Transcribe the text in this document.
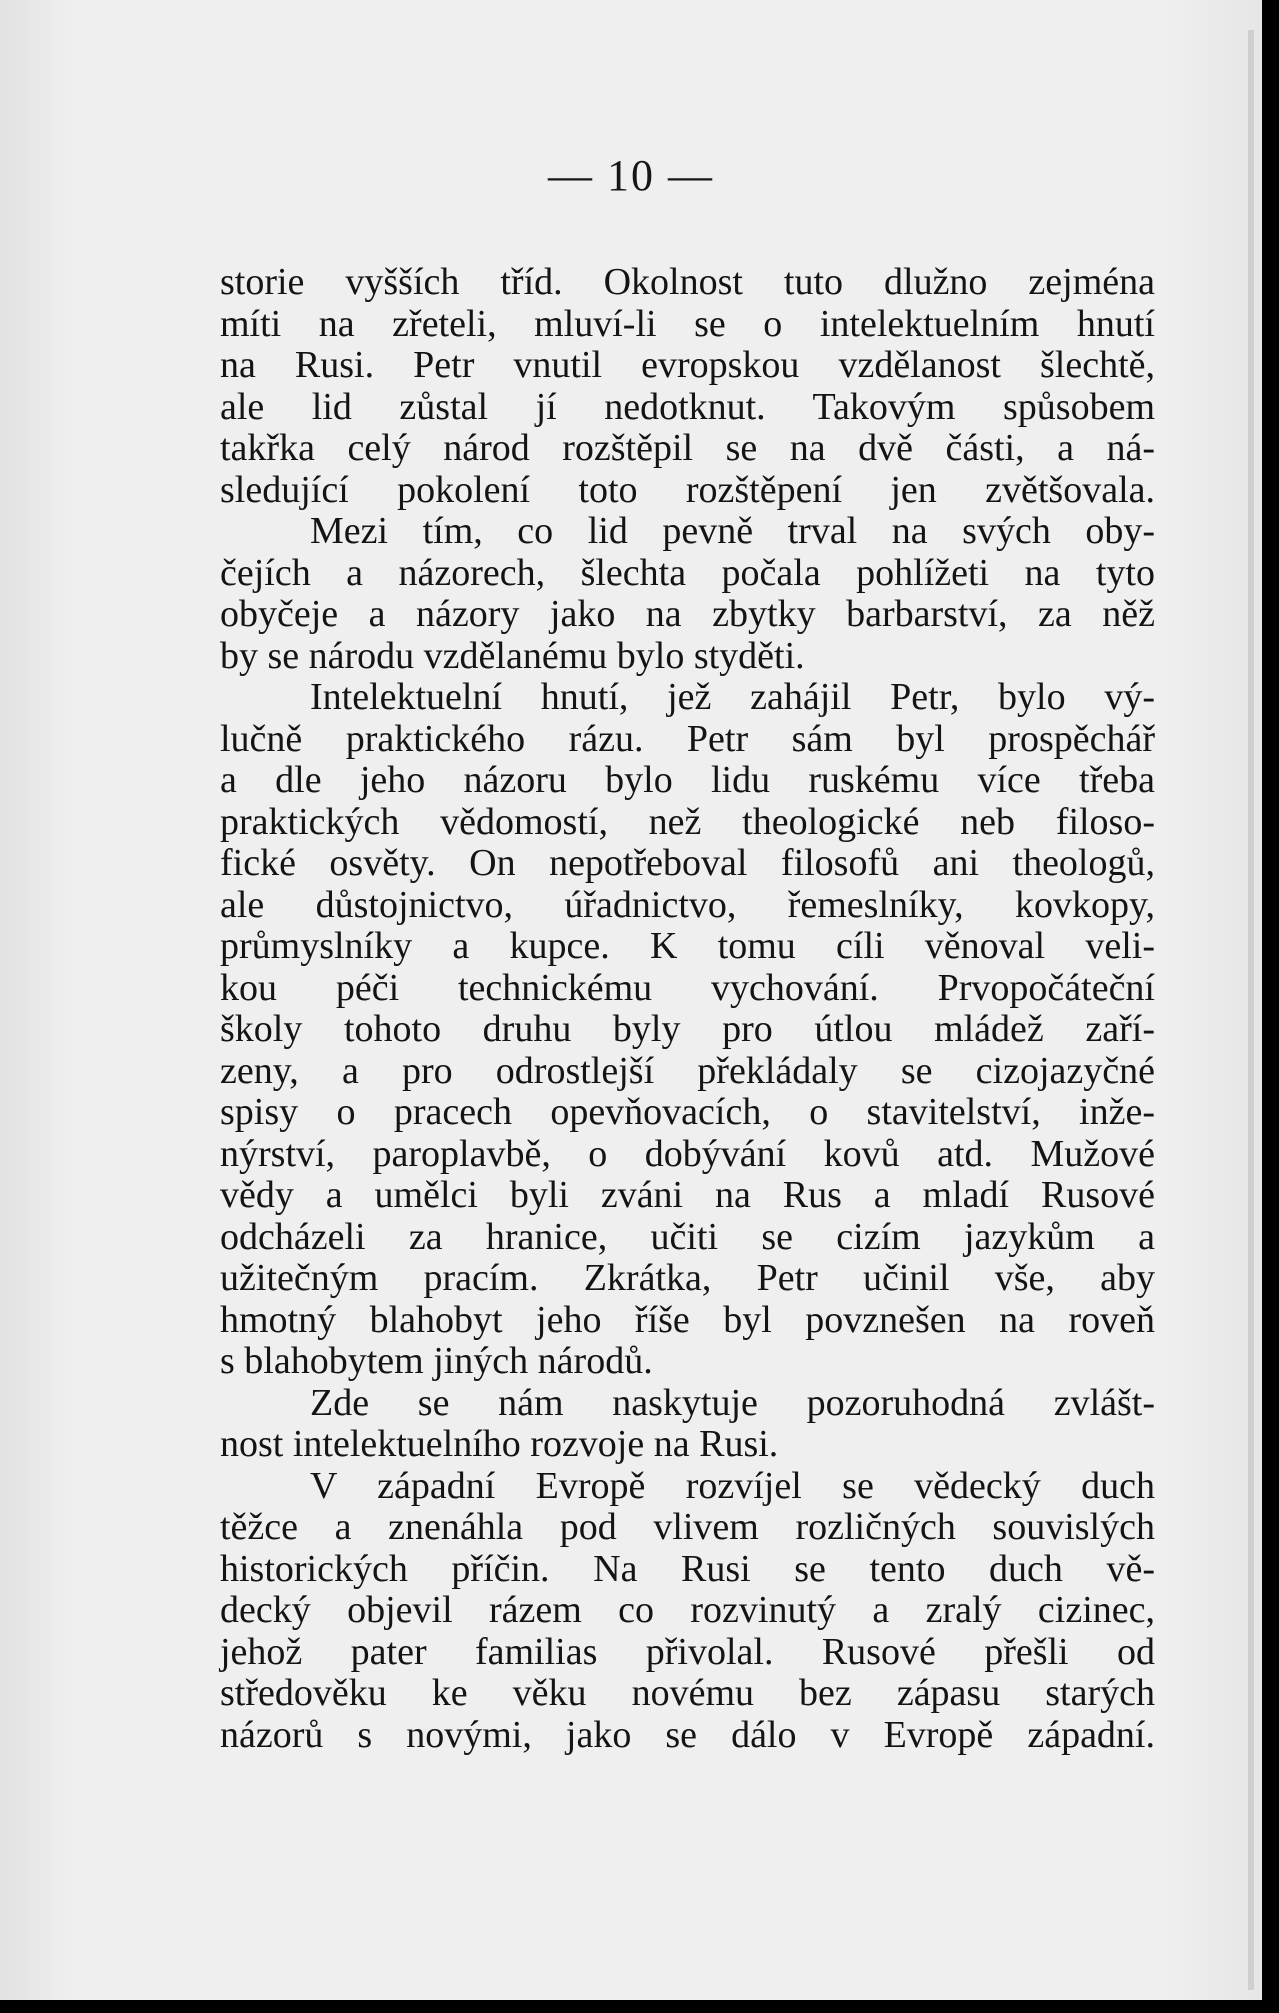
— 10 —
storie vyšších tříd. Okolnost tuto dlužno zejména
míti na zřeteli, mluví-li se o intelektuelním hnutí
na Rusi. Petr vnutil evropskou vzdělanost šlechtě,
ale lid zůstal jí nedotknut. Takovým spůsobem
takřka celý národ rozštěpil se na dvě části, a ná-
sledující pokolení toto rozštěpení jen zvětšovala.
Mezi tím, co lid pevně trval na svých oby-
čejích a názorech, šlechta počala pohlížeti na tyto
obyčeje a názory jako na zbytky barbarství, za něž
by se národu vzdělanému bylo styděti.
Intelektuelní hnutí, jež zahájil Petr, bylo vý-
lučně praktického rázu. Petr sám byl prospěchář
a dle jeho názoru bylo lidu ruskému více třeba
praktických vědomostí, než theologické neb filoso-
fické osvěty. On nepotřeboval filosofů ani theologů,
ale důstojnictvo, úřadnictvo, řemeslníky, kovkopy,
průmyslníky a kupce. K tomu cíli věnoval veli-
kou péči technickému vychování. Prvopočáteční
školy tohoto druhu byly pro útlou mládež zaří-
zeny, a pro odrostlejší překládaly se cizojazyčné
spisy o pracech opevňovacích, o stavitelství, inže-
nýrství, paroplavbě, o dobývání kovů atd. Mužové
vědy a umělci byli zváni na Rus a mladí Rusové
odcházeli za hranice, učiti se cizím jazykům a
užitečným pracím. Zkrátka, Petr učinil vše, aby
hmotný blahobyt jeho říše byl povznešen na roveň
s blahobytem jiných národů.
Zde se nám naskytuje pozoruhodná zvlášt-
nost intelektuelního rozvoje na Rusi.
V západní Evropě rozvíjel se vědecký duch
těžce a znenáhla pod vlivem rozličných souvislých
historických příčin. Na Rusi se tento duch vě-
decký objevil rázem co rozvinutý a zralý cizinec,
jehož pater familias přivolal. Rusové přešli od
středověku ke věku novému bez zápasu starých
názorů s novými, jako se dálo v Evropě západní.
